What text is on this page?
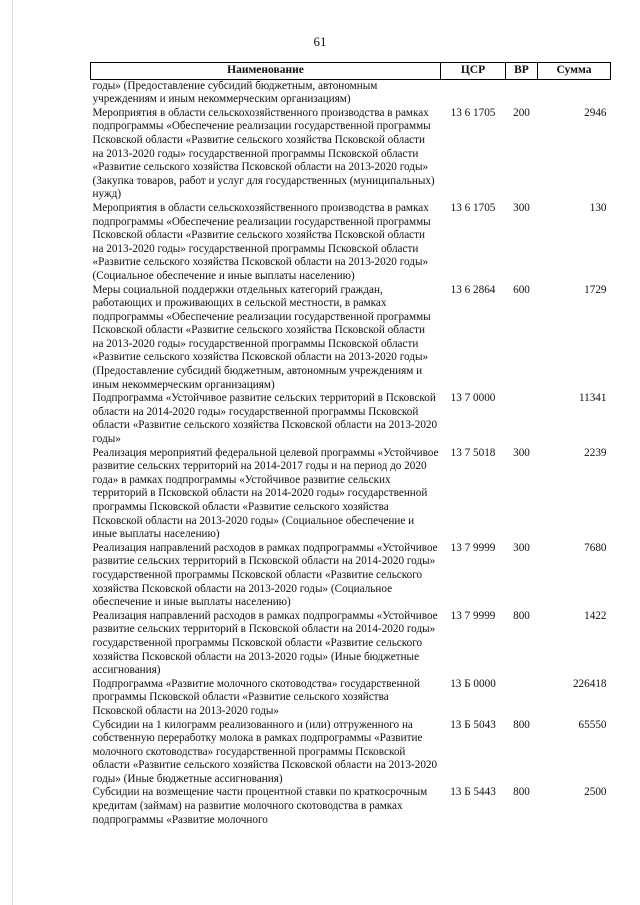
61
Наименование	ЦСР	ВР	Сумма
годы» (Предоставление субсидий бюджетным, автономным учреждениям и иным некоммерческим организациям)			
Мероприятия в области сельскохозяйственного производства в рамках подпрограммы «Обеспечение реализации государственной программы Псковской области «Развитие сельского хозяйства Псковской области на 2013-2020 годы» государственной программы Псковской области «Развитие сельского хозяйства Псковской области на 2013-2020 годы» (Закупка товаров, работ и услуг для государственных (муниципальных) нужд)	13 6 1705	200	2946
Мероприятия в области сельскохозяйственного производства в рамках подпрограммы «Обеспечение реализации государственной программы Псковской области «Развитие сельского хозяйства Псковской области на 2013-2020 годы» государственной программы Псковской области «Развитие сельского хозяйства Псковской области на 2013-2020 годы» (Социальное обеспечение и иные выплаты населению)	13 6 1705	300	130
Меры социальной поддержки отдельных категорий граждан, работающих и проживающих в сельской местности, в рамках подпрограммы «Обеспечение реализации государственной программы Псковской области «Развитие сельского хозяйства Псковской области на 2013-2020 годы» государственной программы Псковской области «Развитие сельского хозяйства Псковской области на 2013-2020 годы» (Предоставление субсидий бюджетным, автономным учреждениям и иным некоммерческим организациям)	13 6 2864	600	1729
Подпрограмма «Устойчивое развитие сельских территорий в Псковской области на 2014-2020 годы» государственной программы Псковской области «Развитие сельского хозяйства Псковской области на 2013-2020 годы»	13 7 0000		11341
Реализация мероприятий федеральной целевой программы «Устойчивое развитие сельских территорий на 2014-2017 годы и на период до 2020 года» в рамках подпрограммы «Устойчивое развитие сельских территорий в Псковской области на 2014-2020 годы» государственной программы Псковской области «Развитие сельского хозяйства Псковской области на 2013-2020 годы» (Социальное обеспечение и иные выплаты населению)	13 7 5018	300	2239
Реализация направлений расходов в рамках подпрограммы «Устойчивое развитие сельских территорий в Псковской области на 2014-2020 годы» государственной программы Псковской области «Развитие сельского хозяйства Псковской области на 2013-2020 годы» (Социальное обеспечение и иные выплаты населению)	13 7 9999	300	7680
Реализация направлений расходов в рамках подпрограммы «Устойчивое развитие сельских территорий в Псковской области на 2014-2020 годы» государственной программы Псковской области «Развитие сельского хозяйства Псковской области на 2013-2020 годы» (Иные бюджетные ассигнования)	13 7 9999	800	1422
Подпрограмма «Развитие молочного скотоводства» государственной программы Псковской области «Развитие сельского хозяйства Псковской области на 2013-2020 годы»	13 Б 0000		226418
Субсидии на 1 килограмм реализованного и (или) отгруженного на собственную переработку молока в рамках подпрограммы «Развитие молочного скотоводства» государственной программы Псковской области «Развитие сельского хозяйства Псковской области на 2013-2020 годы» (Иные бюджетные ассигнования)	13 Б 5043	800	65550
Субсидии на возмещение части процентной ставки по краткосрочным кредитам (займам) на развитие молочного скотоводства в рамках подпрограммы «Развитие молочного	13 Б 5443	800	2500
